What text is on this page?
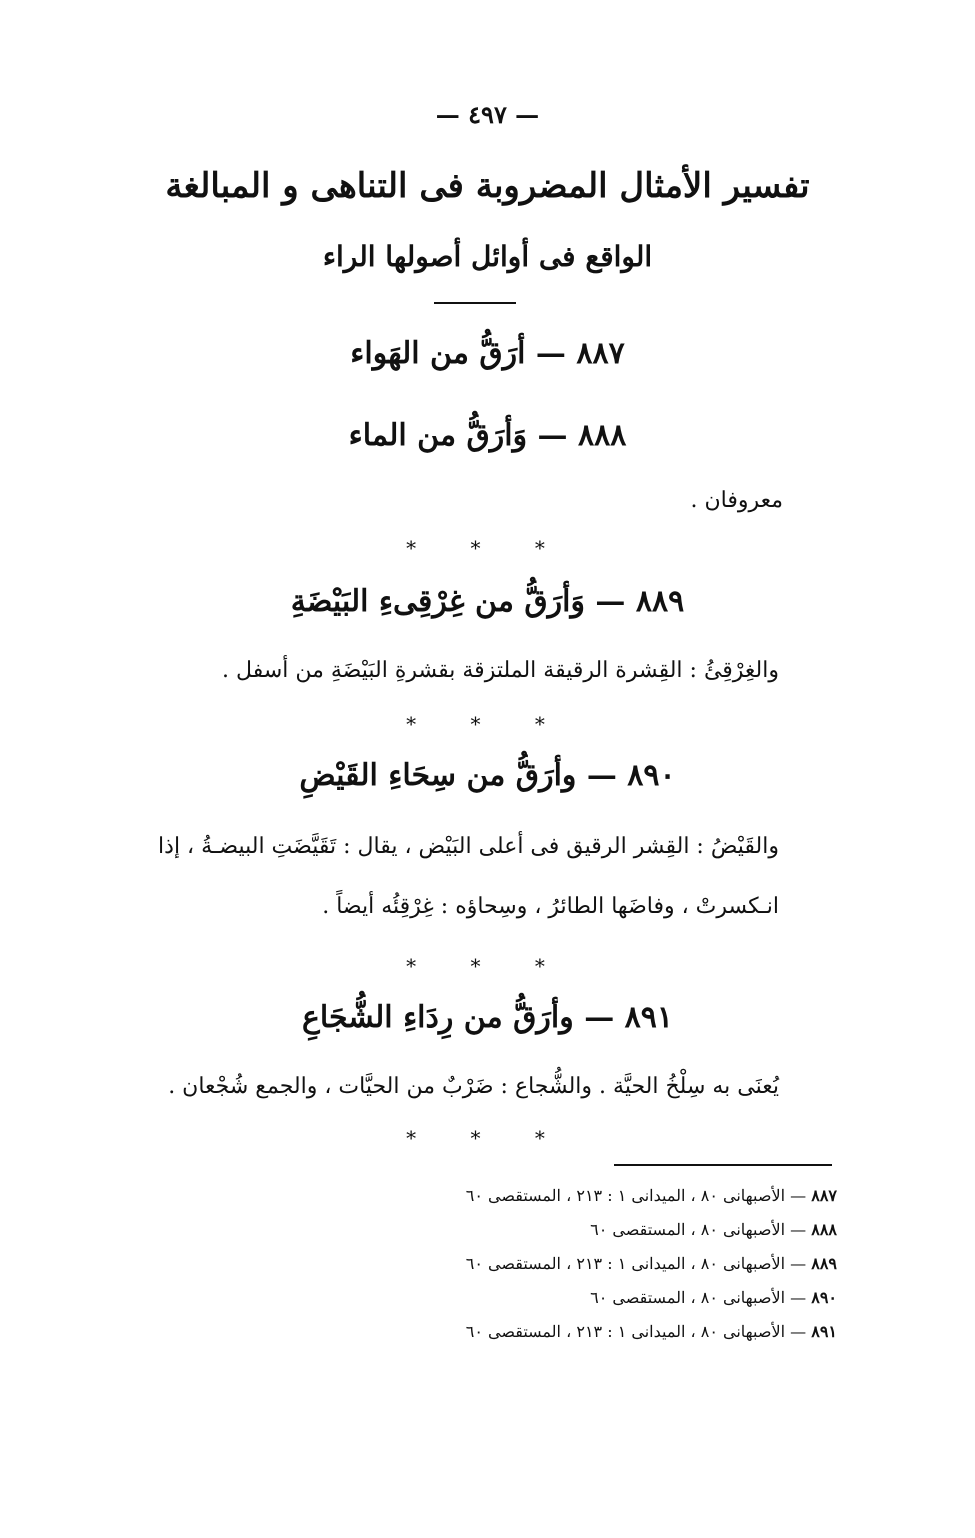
— ٤٩٧ —
تفسير الأمثال المضروبة فى التناهى و المبالغة
الواقع فى أوائل أصولها الراء
٨٨٧ — أرَقُّ من الهَواء
٨٨٨ — وَأرَقُّ من الماء
معروفان .
* * *
٨٨٩ — وَأرَقُّ من غِرْقِىءِ البَيْضَةِ
والغِرْقِئُ : القِشرة الرقيقة الملتزقة بقشرةِ البَيْضَةِ من أسفل .
* * *
٨٩٠ — وأرَقُّ من سِحَاءِ القَيْضِ
والقَيْضُ : القِشر الرقيق فى أعلى البَيْض ، يقال : تَقَيَّضَتِ البيضـةُ ، إذا
انـكسرتْ ، وفاضَها الطائرُ ، وسِحاؤه : غِرْقِئُه أيضاً .
* * *
٨٩١ — وأرَقُّ من رِدَاءِ الشُّجَاعِ
يُعنَى به سِلْخُ الحيَّة . والشُّجاع : ضَرْبٌ من الحيَّات ، والجمع شُجْعان .
* * *
٨٨٧ — الأصبهانى ٨٠ ، الميدانى ١ : ٢١٣ ، المستقصى ٦٠
٨٨٨ — الأصبهانى ٨٠ ، المستقصى ٦٠
٨٨٩ — الأصبهانى ٨٠ ، الميدانى ١ : ٢١٣ ، المستقصى ٦٠
٨٩٠ — الأصبهانى ٨٠ ، المستقصى ٦٠
٨٩١ — الأصبهانى ٨٠ ، الميدانى ١ : ٢١٣ ، المستقصى ٦٠
